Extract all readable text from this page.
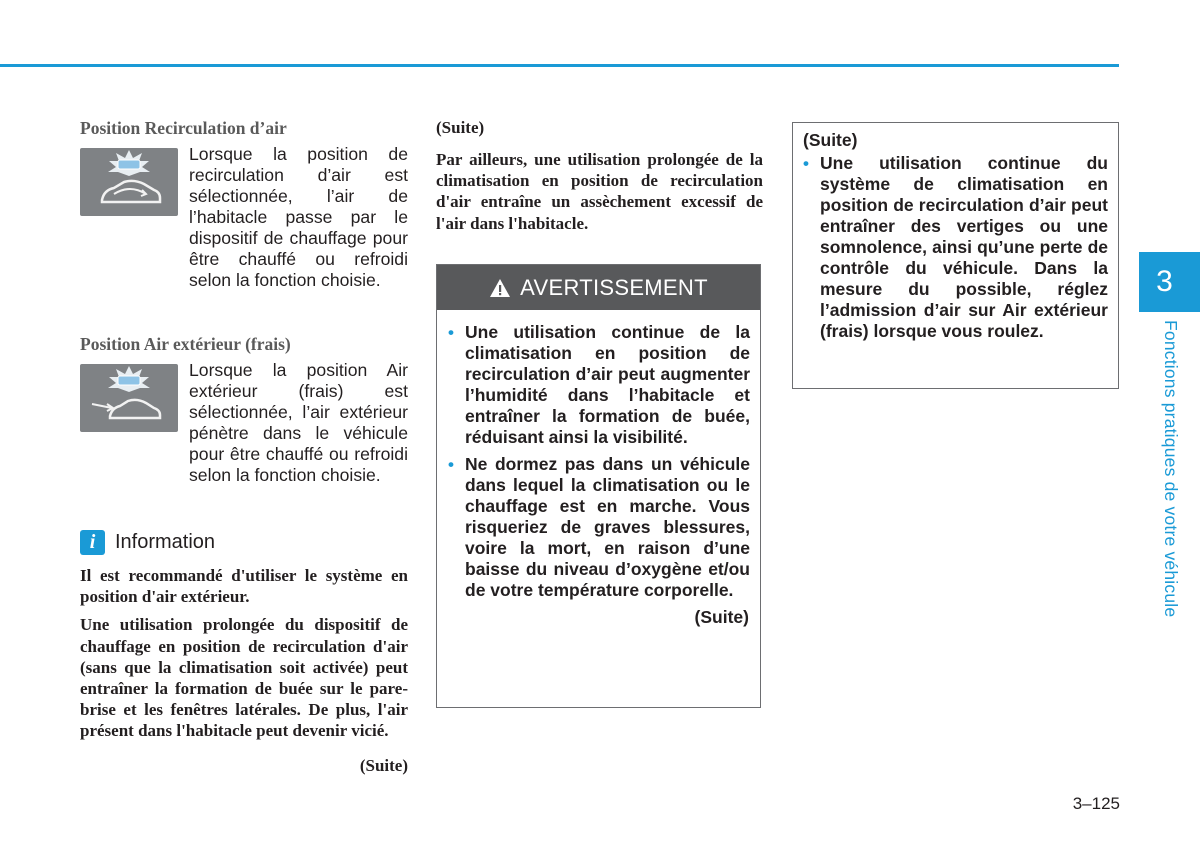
Position Recirculation d’air
Lorsque la position de recirculation d’air est sélectionnée, l’air de l’habitacle passe par le dispositif de chauffage pour être chauffé ou refroidi selon la fonction choisie.
Position Air extérieur (frais)
Lorsque la position Air extérieur (frais) est sélectionnée, l’air extérieur pénètre dans le véhicule pour être chauffé ou refroidi selon la fonction choisie.
i Information

Il est recommandé d'utiliser le système en position d'air extérieur.

Une utilisation prolongée du dispositif de chauffage en position de recirculation d'air (sans que la climatisation soit activée) peut entraîner la formation de buée sur le pare-brise et les fenêtres latérales. De plus, l'air présent dans l'habitacle peut devenir vicié.

(Suite)
(Suite)

Par ailleurs, une utilisation prolongée de la climatisation en position de recirculation d'air entraîne un assèchement excessif de l'air dans l'habitacle.

AVERTISSEMENT
• Une utilisation continue de la climatisation en position de recirculation d’air peut augmenter l’humidité dans l’habitacle et entraîner la formation de buée, réduisant ainsi la visibilité.
• Ne dormez pas dans un véhicule dans lequel la climatisation ou le chauffage est en marche. Vous risqueriez de graves blessures, voire la mort, en raison d’une baisse du niveau d’oxygène et/ou de votre température corporelle.
(Suite)
(Suite)
• Une utilisation continue du système de climatisation en position de recirculation d’air peut entraîner des vertiges ou une somnolence, ainsi qu’une perte de contrôle du véhicule. Dans la mesure du possible, réglez l’admission d’air sur Air extérieur (frais) lorsque vous roulez.
3
Fonctions pratiques de votre véhicule
3–125
